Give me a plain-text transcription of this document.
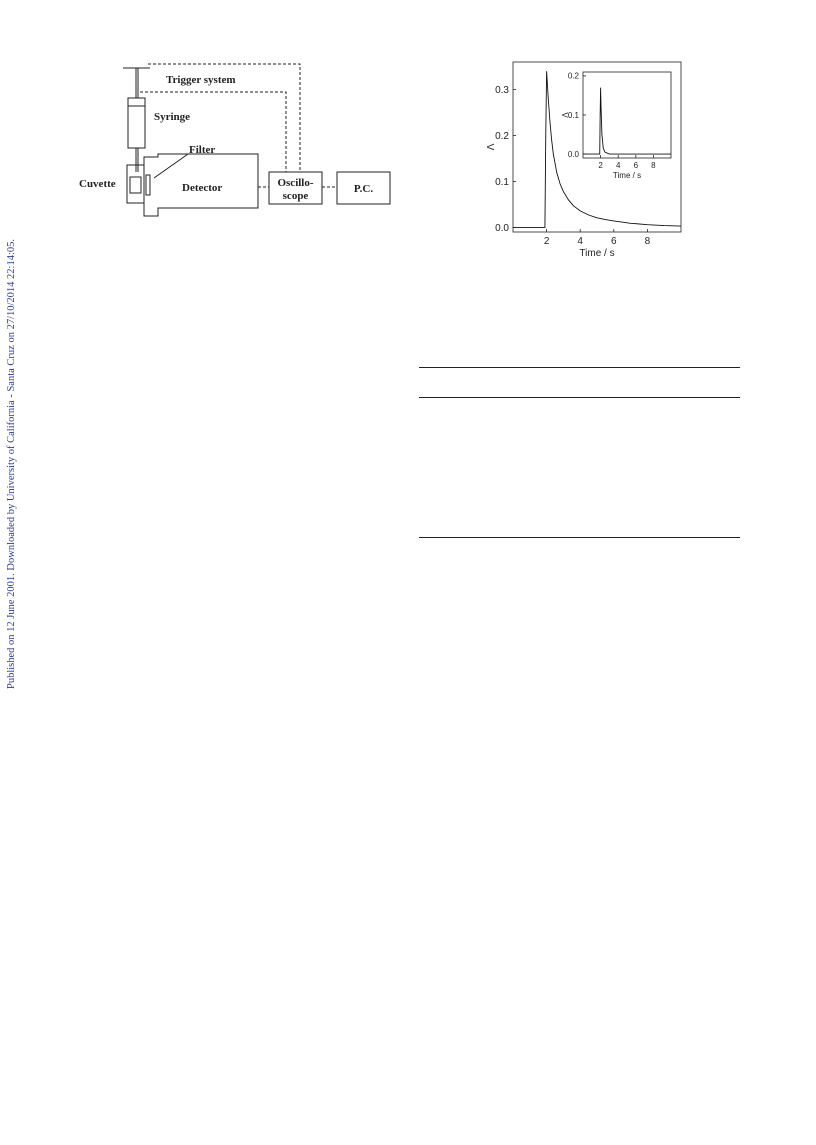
Published on 12 June 2001. Downloaded by University of California - Santa Cruz on 27/10/2014 22:14:05.
Trigger system
Syringe
Filter
Cuvette	Detector	Oscillo-
scope
P.C.
2	4	6	8
0.0
0.1
0.2
0.3
Time / s
V
2 4 6 8
0.0
0.1
0.2
Time / s
V
